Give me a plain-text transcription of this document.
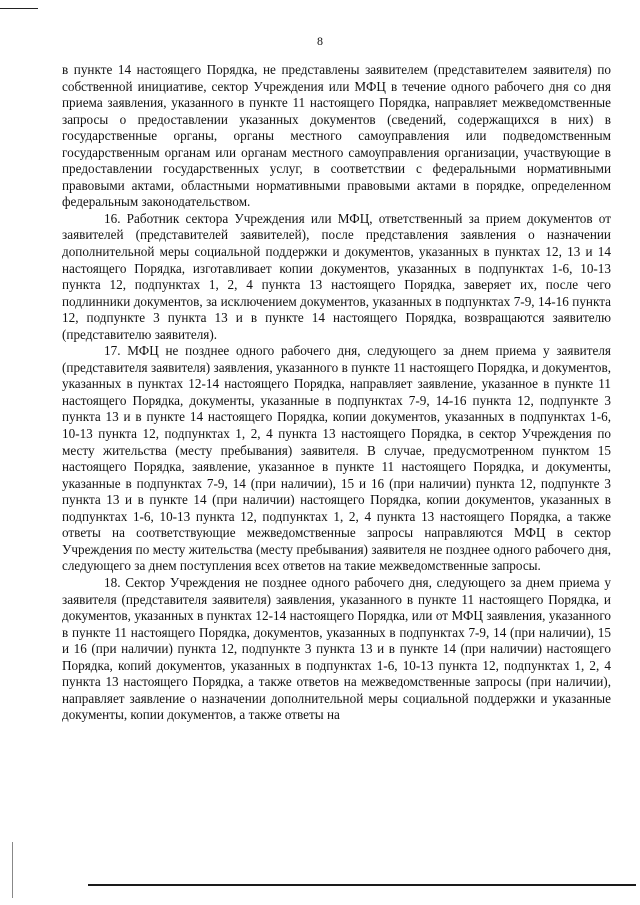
8

в пункте 14 настоящего Порядка, не представлены заявителем (представителем заявителя) по собственной инициативе, сектор Учреждения или МФЦ в течение одного рабочего дня со дня приема заявления, указанного в пункте 11 настоящего Порядка, направляет межведомственные запросы о предоставлении указанных документов (сведений, содержащихся в них) в государственные органы, органы местного самоуправления или подведомственным государственным органам или органам местного самоуправления организации, участвующие в предоставлении государственных услуг, в соответствии с федеральными нормативными правовыми актами, областными нормативными правовыми актами в порядке, определенном федеральным законодательством.

16. Работник сектора Учреждения или МФЦ, ответственный за прием документов от заявителей (представителей заявителей), после представления заявления о назначении дополнительной меры социальной поддержки и документов, указанных в пунктах 12, 13 и 14 настоящего Порядка, изготавливает копии документов, указанных в подпунктах 1-6, 10-13 пункта 12, подпунктах 1, 2, 4 пункта 13 настоящего Порядка, заверяет их, после чего подлинники документов, за исключением документов, указанных в подпунктах 7-9, 14-16 пункта 12, подпункте 3 пункта 13 и в пункте 14 настоящего Порядка, возвращаются заявителю (представителю заявителя).

17. МФЦ не позднее одного рабочего дня, следующего за днем приема у заявителя (представителя заявителя) заявления, указанного в пункте 11 настоящего Порядка, и документов, указанных в пунктах 12-14 настоящего Порядка, направляет заявление, указанное в пункте 11 настоящего Порядка, документы, указанные в подпунктах 7-9, 14-16 пункта 12, подпункте 3 пункта 13 и в пункте 14 настоящего Порядка, копии документов, указанных в подпунктах 1-6, 10-13 пункта 12, подпунктах 1, 2, 4 пункта 13 настоящего Порядка, в сектор Учреждения по месту жительства (месту пребывания) заявителя. В случае, предусмотренном пунктом 15 настоящего Порядка, заявление, указанное в пункте 11 настоящего Порядка, и документы, указанные в подпунктах 7-9, 14 (при наличии), 15 и 16 (при наличии) пункта 12, подпункте 3 пункта 13 и в пункте 14 (при наличии) настоящего Порядка, копии документов, указанных в подпунктах 1-6, 10-13 пункта 12, подпунктах 1, 2, 4 пункта 13 настоящего Порядка, а также ответы на соответствующие межведомственные запросы направляются МФЦ в сектор Учреждения по месту жительства (месту пребывания) заявителя не позднее одного рабочего дня, следующего за днем поступления всех ответов на такие межведомственные запросы.

18. Сектор Учреждения не позднее одного рабочего дня, следующего за днем приема у заявителя (представителя заявителя) заявления, указанного в пункте 11 настоящего Порядка, и документов, указанных в пунктах 12-14 настоящего Порядка, или от МФЦ заявления, указанного в пункте 11 настоящего Порядка, документов, указанных в подпунктах 7-9, 14 (при наличии), 15 и 16 (при наличии) пункта 12, подпункте 3 пункта 13 и в пункте 14 (при наличии) настоящего Порядка, копий документов, указанных в подпунктах 1-6, 10-13 пункта 12, подпунктах 1, 2, 4 пункта 13 настоящего Порядка, а также ответов на межведомственные запросы (при наличии), направляет заявление о назначении дополнительной меры социальной поддержки и указанные документы, копии документов, а также ответы на
